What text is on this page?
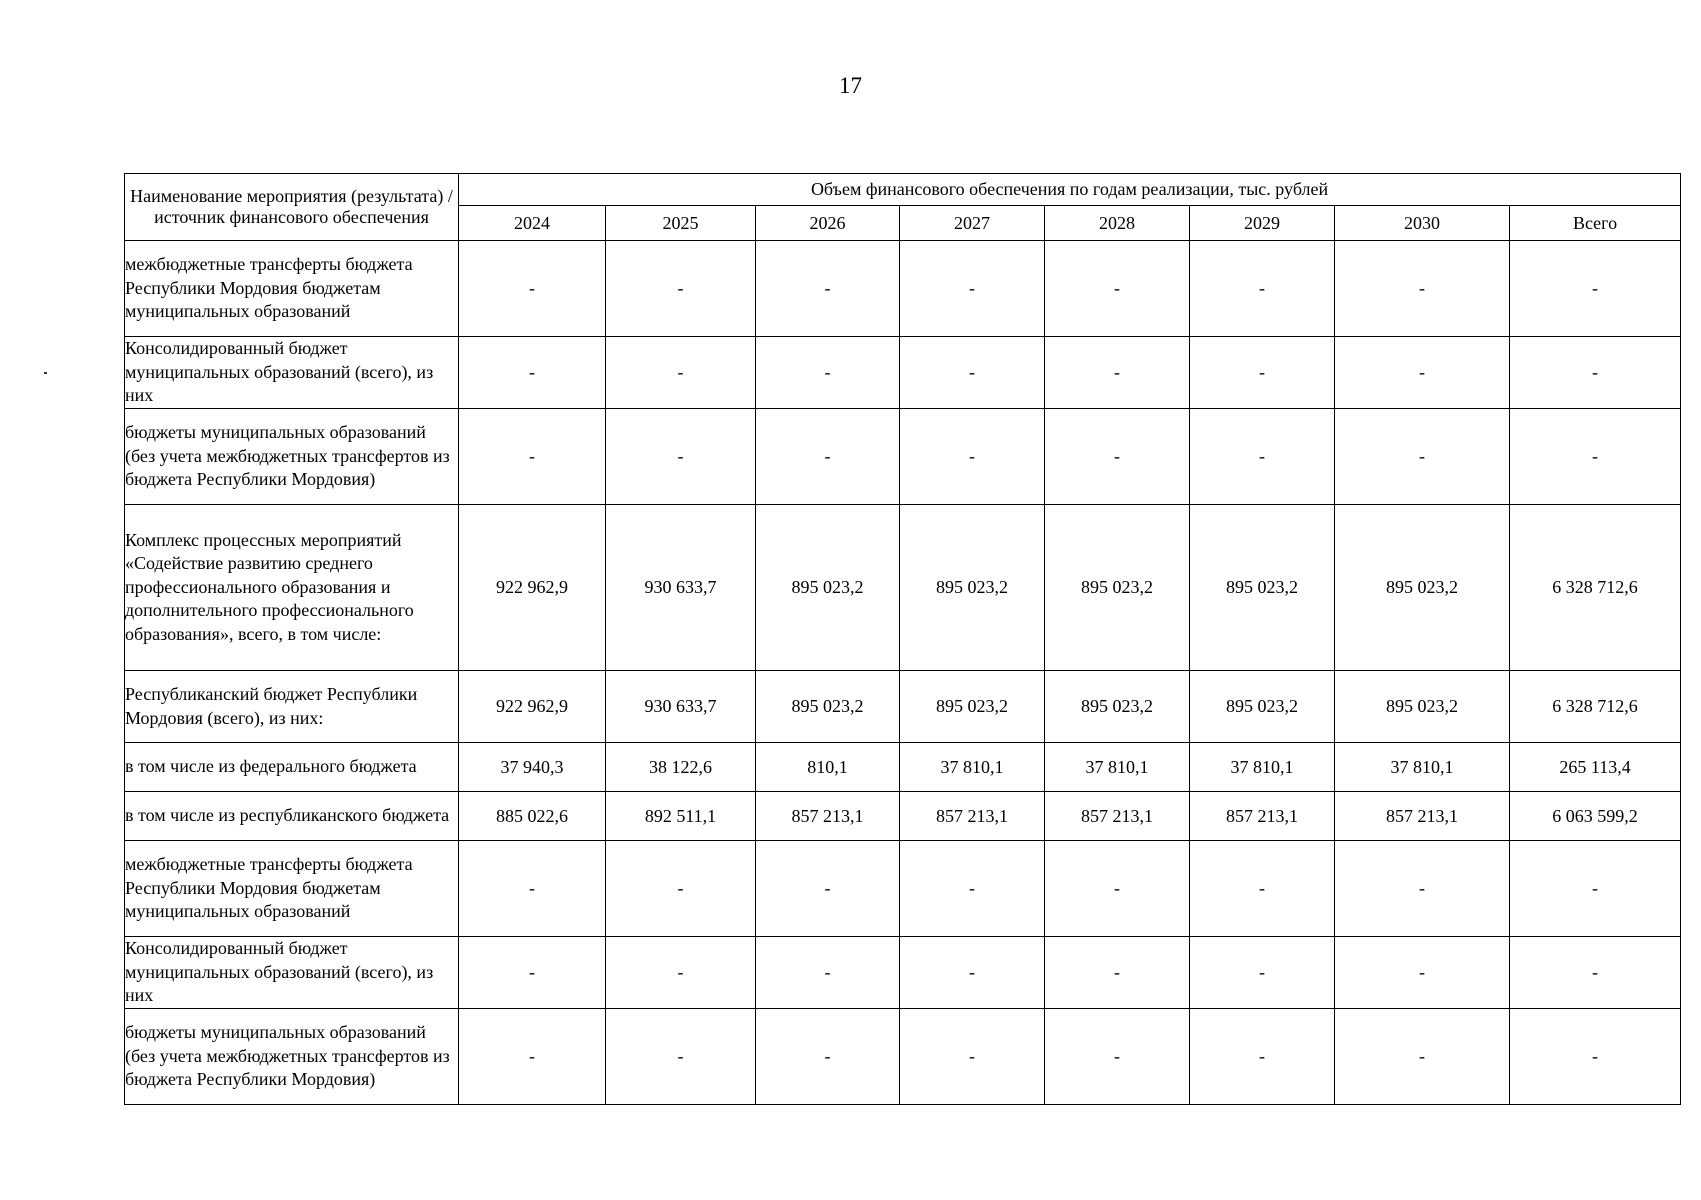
17
Наименование мероприятия (результата) / источник финансового обеспечения	Объем финансового обеспечения по годам реализации, тыс. рублей							
	2024	2025	2026	2027	2028	2029	2030	Всего
межбюджетные трансферты бюджета Республики Мордовия бюджетам муниципальных образований	-	-	-	-	-	-	-	-
Консолидированный бюджет муниципальных образований (всего), из них	-	-	-	-	-	-	-	-
бюджеты муниципальных образований (без учета межбюджетных трансфертов из бюджета Республики Мордовия)	-	-	-	-	-	-	-	-
Комплекс процессных мероприятий «Содействие развитию среднего профессионального образования и дополнительного профессионального образования», всего, в том числе:	922 962,9	930 633,7	895 023,2	895 023,2	895 023,2	895 023,2	895 023,2	6 328 712,6
Республиканский бюджет Республики Мордовия (всего), из них:	922 962,9	930 633,7	895 023,2	895 023,2	895 023,2	895 023,2	895 023,2	6 328 712,6
в том числе из федерального бюджета	37 940,3	38 122,6	810,1	37 810,1	37 810,1	37 810,1	37 810,1	265 113,4
в том числе из республиканского бюджета	885 022,6	892 511,1	857 213,1	857 213,1	857 213,1	857 213,1	857 213,1	6 063 599,2
межбюджетные трансферты бюджета Республики Мордовия бюджетам муниципальных образований	-	-	-	-	-	-	-	-
Консолидированный бюджет муниципальных образований (всего), из них	-	-	-	-	-	-	-	-
бюджеты муниципальных образований (без учета межбюджетных трансфертов из бюджета Республики Мордовия)	-	-	-	-	-	-	-	-
